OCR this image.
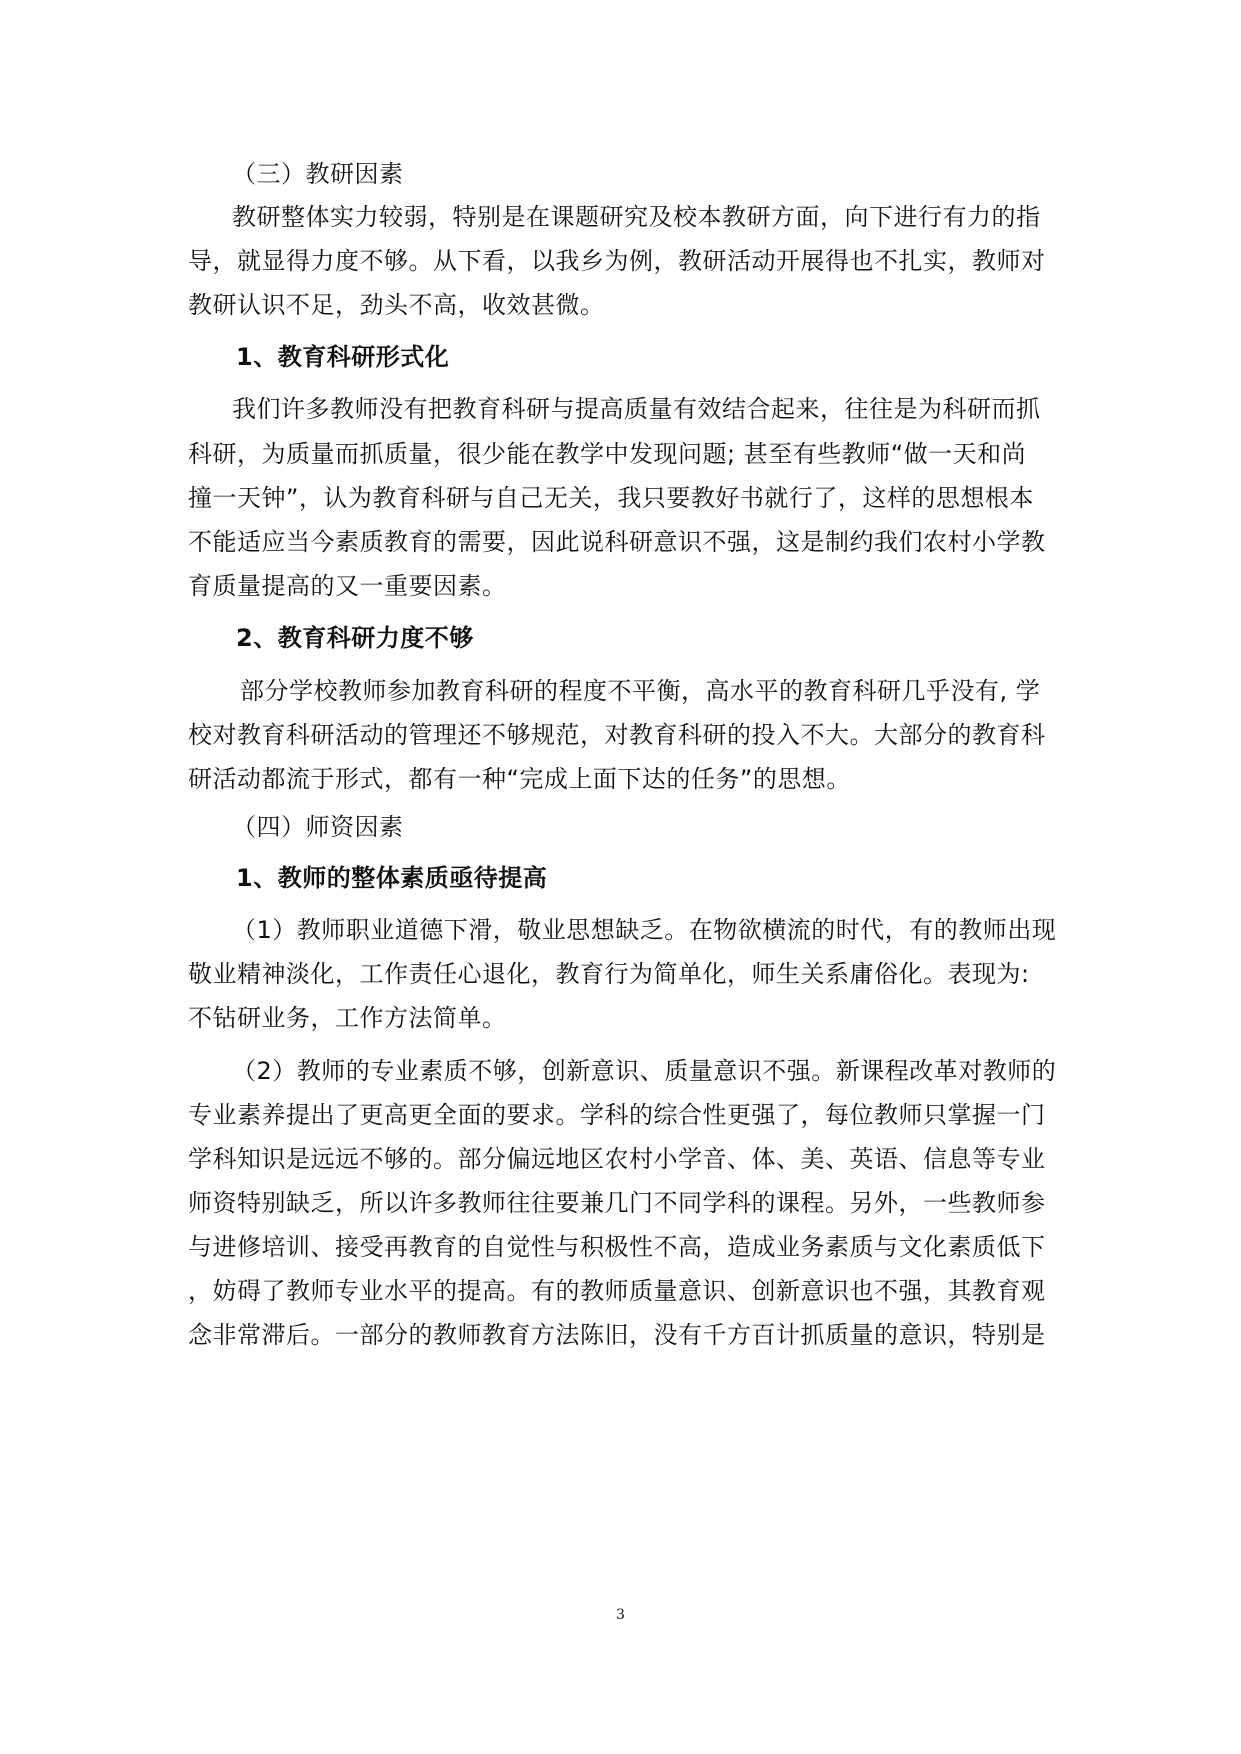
（三）教研因素
教研整体实力较弱，特别是在课题研究及校本教研方面，向下进行有力的指
导，就显得力度不够。从下看，以我乡为例，教研活动开展得也不扎实，教师对
教研认识不足，劲头不高，收效甚微。
1、教育科研形式化
我们许多教师没有把教育科研与提高质量有效结合起来，往往是为科研而抓
科研，为质量而抓质量，很少能在教学中发现问题; 甚至有些教师“做一天和尚
撞一天钟”，认为教育科研与自己无关，我只要教好书就行了，这样的思想根本
不能适应当今素质教育的需要，因此说科研意识不强，这是制约我们农村小学教
育质量提高的又一重要因素。
2、教育科研力度不够
部分学校教师参加教育科研的程度不平衡，高水平的教育科研几乎没有, 学
校对教育科研活动的管理还不够规范，对教育科研的投入不大。大部分的教育科
研活动都流于形式，都有一种“完成上面下达的任务”的思想。
（四）师资因素
1、教师的整体素质亟待提高
（1）教师职业道德下滑，敬业思想缺乏。在物欲横流的时代，有的教师出现
敬业精神淡化，工作责任心退化，教育行为简单化，师生关系庸俗化。表现为:
不钻研业务，工作方法简单。
（2）教师的专业素质不够，创新意识、质量意识不强。新课程改革对教师的
专业素养提出了更高更全面的要求。学科的综合性更强了，每位教师只掌握一门
学科知识是远远不够的。部分偏远地区农村小学音、体、美、英语、信息等专业
师资特别缺乏，所以许多教师往往要兼几门不同学科的课程。另外，一些教师参
与进修培训、接受再教育的自觉性与积极性不高，造成业务素质与文化素质低下
，妨碍了教师专业水平的提高。有的教师质量意识、创新意识也不强，其教育观
念非常滞后。一部分的教师教育方法陈旧，没有千方百计抓质量的意识，特别是
3
